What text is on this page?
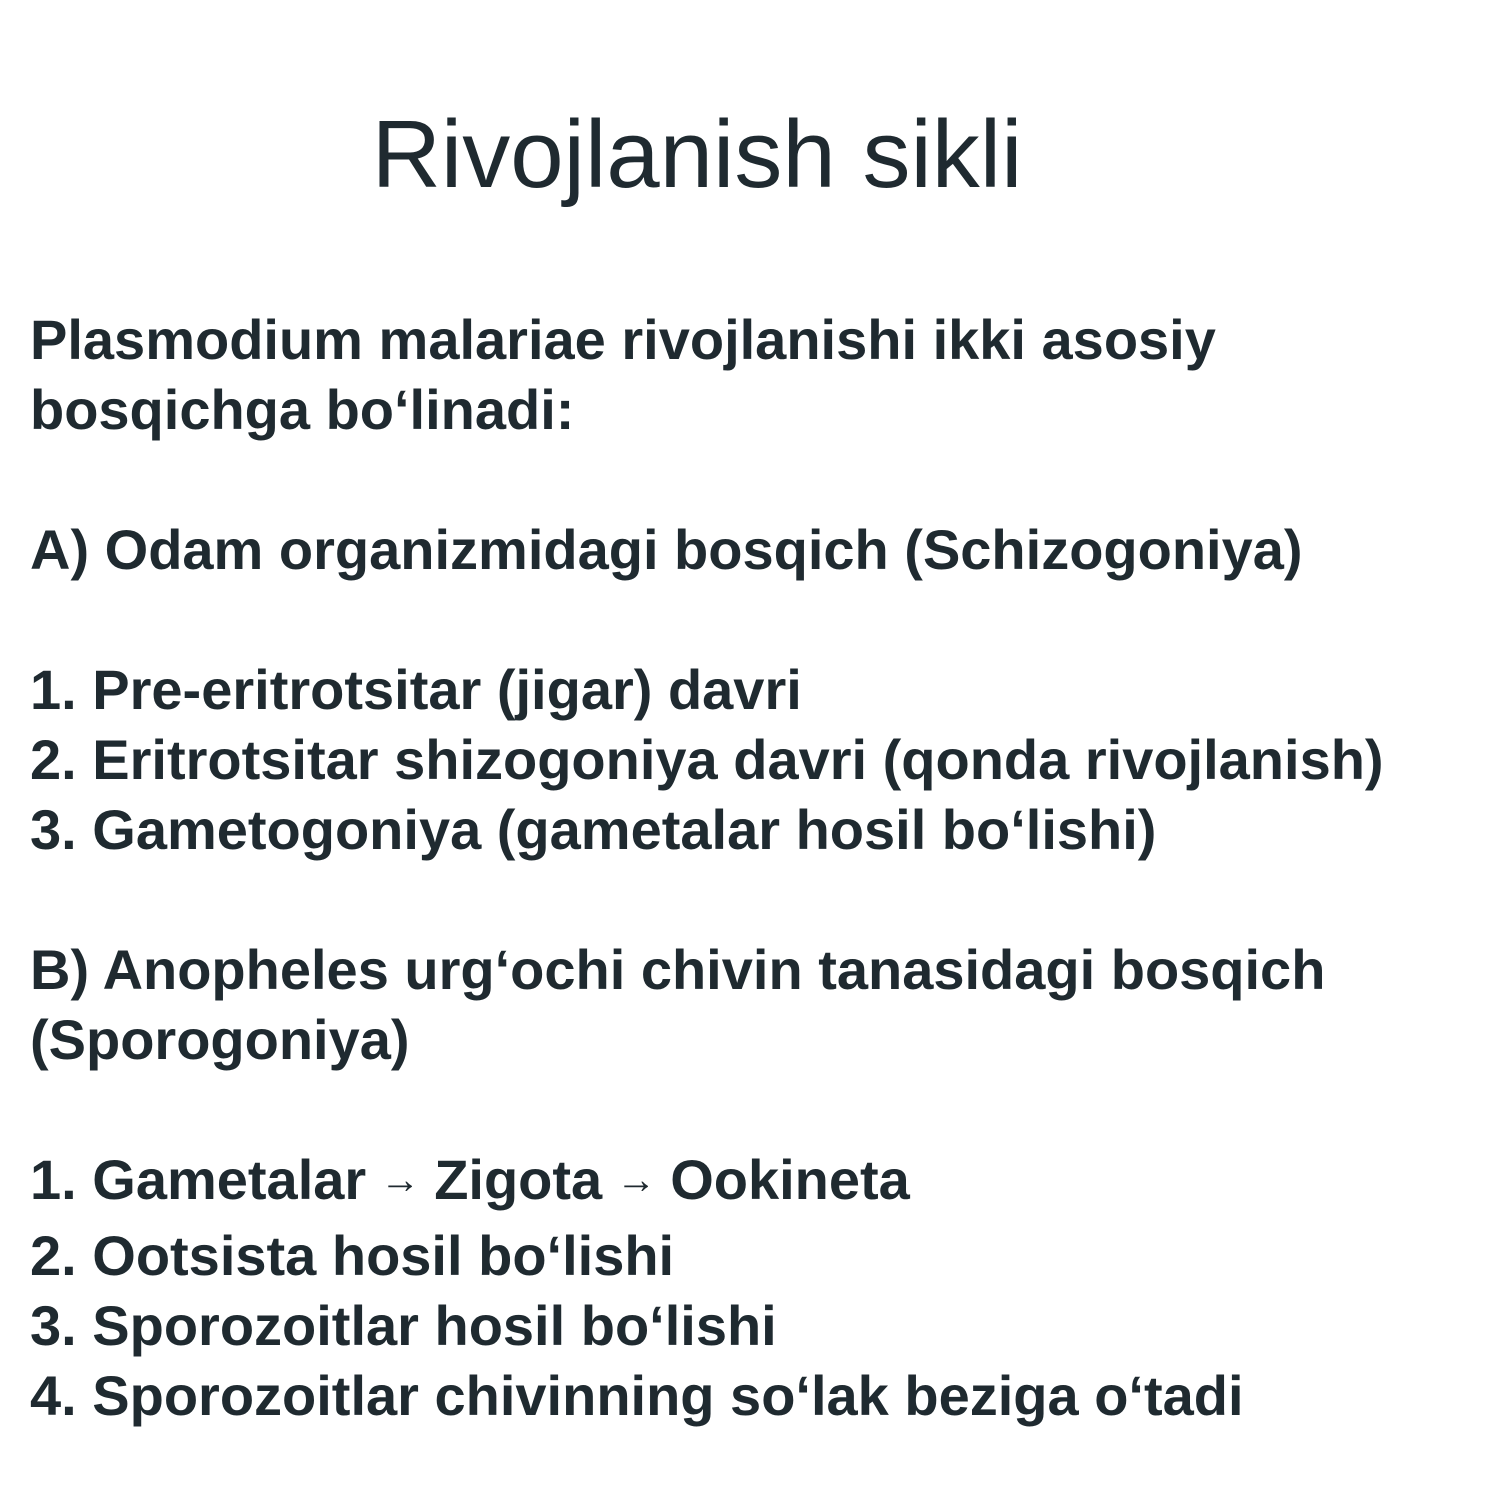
Rivojlanish sikli
Plasmodium malariae rivojlanishi ikki asosiy
bosqichga bo‘linadi:
A) Odam organizmidagi bosqich (Schizogoniya)
1. Pre-eritrotsitar (jigar) davri
2. Eritrotsitar shizogoniya davri (qonda rivojlanish)
3. Gametogoniya (gametalar hosil bo‘lishi)
B) Anopheles urg‘ochi chivin tanasidagi bosqich
(Sporogoniya)
1. Gametalar → Zigota → Ookineta
2. Ootsista hosil bo‘lishi
3. Sporozoitlar hosil bo‘lishi
4. Sporozoitlar chivinning so‘lak beziga o‘tadi
